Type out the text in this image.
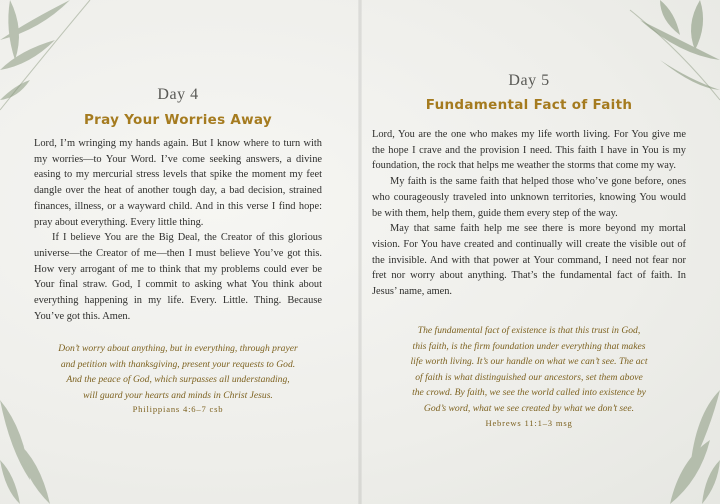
Day 4
Pray Your Worries Away

Lord, I’m wringing my hands again. But I know where to turn with my worries—to Your Word. I’ve come seeking answers, a divine easing to my mercurial stress levels that spike the moment my feet dangle over the heat of another tough day, a bad decision, strained finances, illness, or a wayward child. And in this verse I find hope: pray about everything. Every little thing.

If I believe You are the Big Deal, the Creator of this glorious universe—the Creator of me—then I must believe You’ve got this. How very arrogant of me to think that my problems could ever be Your final straw. God, I commit to asking what You think about everything happening in my life. Every. Little. Thing. Because You’ve got this. Amen.

Don’t worry about anything, but in everything, through prayer
and petition with thanksgiving, present your requests to God.
And the peace of God, which surpasses all understanding,
will guard your hearts and minds in Christ Jesus.
Philippians 4:6–7 csb
Day 5
Fundamental Fact of Faith

Lord, You are the one who makes my life worth living. For You give me the hope I crave and the provision I need. This faith I have in You is my foundation, the rock that helps me weather the storms that come my way.

My faith is the same faith that helped those who’ve gone before, ones who courageously traveled into unknown territories, knowing You would be with them, help them, guide them every step of the way.

May that same faith help me see there is more beyond my mortal vision. For You have created and continually will create the visible out of the invisible. And with that power at Your command, I need not fear nor fret nor worry about anything. That’s the fundamental fact of faith. In Jesus’ name, amen.

The fundamental fact of existence is that this trust in God,
this faith, is the firm foundation under everything that makes
life worth living. It’s our handle on what we can’t see. The act
of faith is what distinguished our ancestors, set them above
the crowd. By faith, we see the world called into existence by
God’s word, what we see created by what we don’t see.
Hebrews 11:1–3 msg
